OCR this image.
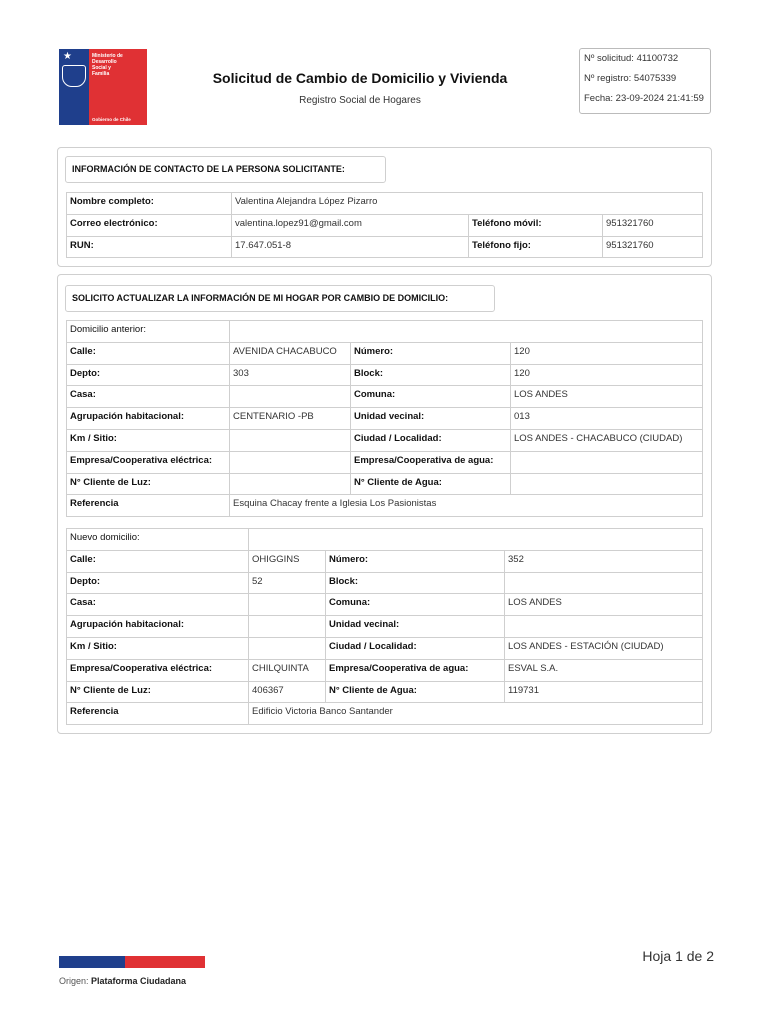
★	Ministerio de
Desarrollo
Social y
Familia
Gobierno de Chile
Solicitud de Cambio de Domicilio y Vivienda
Registro Social de Hogares
Nº solicitud: 41100732
Nº registro: 54075339
Fecha: 23-09-2024 21:41:59
INFORMACIÓN DE CONTACTO DE LA PERSONA SOLICITANTE:
Nombre completo:	Valentina Alejandra López Pizarro		
Correo electrónico:	valentina.lopez91@gmail.com	Teléfono móvil:	951321760
RUN:	17.647.051-8	Teléfono fijo:	951321760
SOLICITO ACTUALIZAR LA INFORMACIÓN DE MI HOGAR POR CAMBIO DE DOMICILIO:
Domicilio anterior:			
Calle:	AVENIDA CHACABUCO	Número:	120
Depto:	303	Block:	120
Casa:		Comuna:	LOS ANDES
Agrupación habitacional:	CENTENARIO -PB	Unidad vecinal:	013
Km / Sitio:		Ciudad / Localidad:	LOS ANDES - CHACABUCO (CIUDAD)
Empresa/Cooperativa eléctrica:		Empresa/Cooperativa de agua:	
N° Cliente de Luz:		N° Cliente de Agua:	
Referencia	Esquina Chacay frente a Iglesia Los Pasionistas		
Nuevo domicilio:			
Calle:	OHIGGINS	Número:	352
Depto:	52	Block:	
Casa:		Comuna:	LOS ANDES
Agrupación habitacional:		Unidad vecinal:	
Km / Sitio:		Ciudad / Localidad:	LOS ANDES - ESTACIÓN (CIUDAD)
Empresa/Cooperativa eléctrica:	CHILQUINTA	Empresa/Cooperativa de agua:	ESVAL S.A.
N° Cliente de Luz:	406367	N° Cliente de Agua:	119731
Referencia	Edificio Victoria Banco Santander		
Hoja 1 de 2
Origen: Plataforma Ciudadana
